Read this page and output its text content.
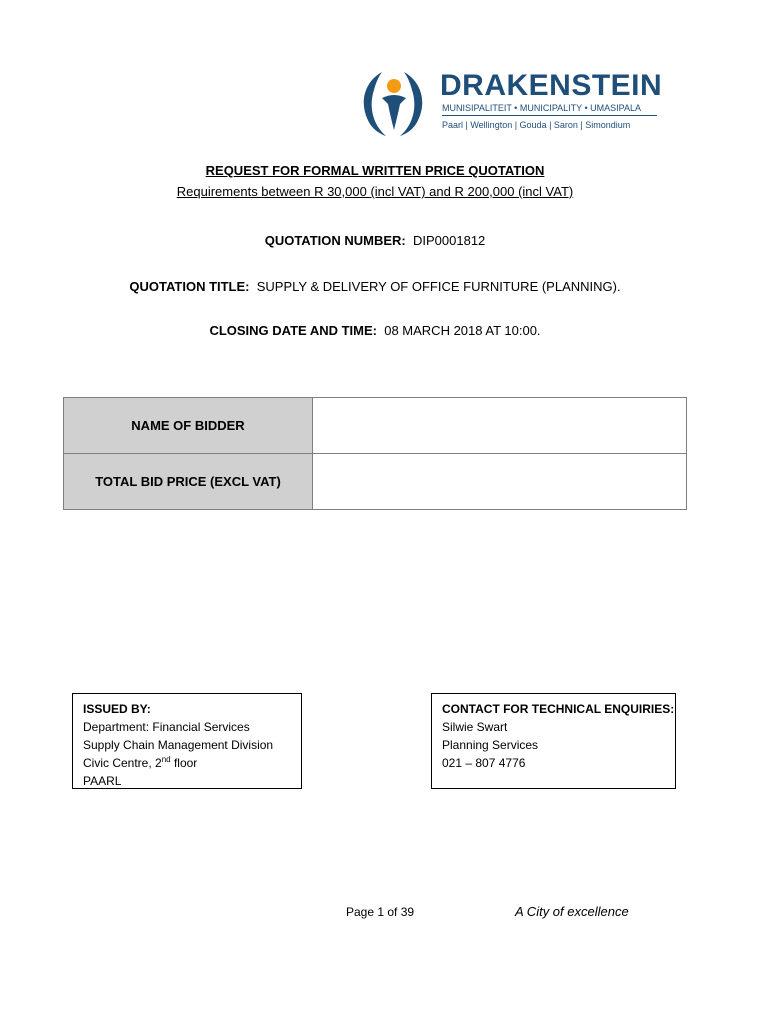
DRAKENSTEIN
MUNISIPALITEIT • MUNICIPALITY • UMASIPALA
Paarl | Wellington | Gouda | Saron | Simondium
REQUEST FOR FORMAL WRITTEN PRICE QUOTATION
Requirements between R 30,000 (incl VAT) and R 200,000 (incl VAT)
QUOTATION NUMBER: DIP0001812
QUOTATION TITLE: SUPPLY & DELIVERY OF OFFICE FURNITURE (PLANNING).
CLOSING DATE AND TIME: 08 MARCH 2018 AT 10:00.
NAME OF BIDDER	
TOTAL BID PRICE (EXCL VAT)	
ISSUED BY:
Department: Financial Services
Supply Chain Management Division
Civic Centre, 2nd floor
PAARL
CONTACT FOR TECHNICAL ENQUIRIES:
Silwie Swart
Planning Services
021 – 807 4776
Page 1 of 39	A City of excellence
